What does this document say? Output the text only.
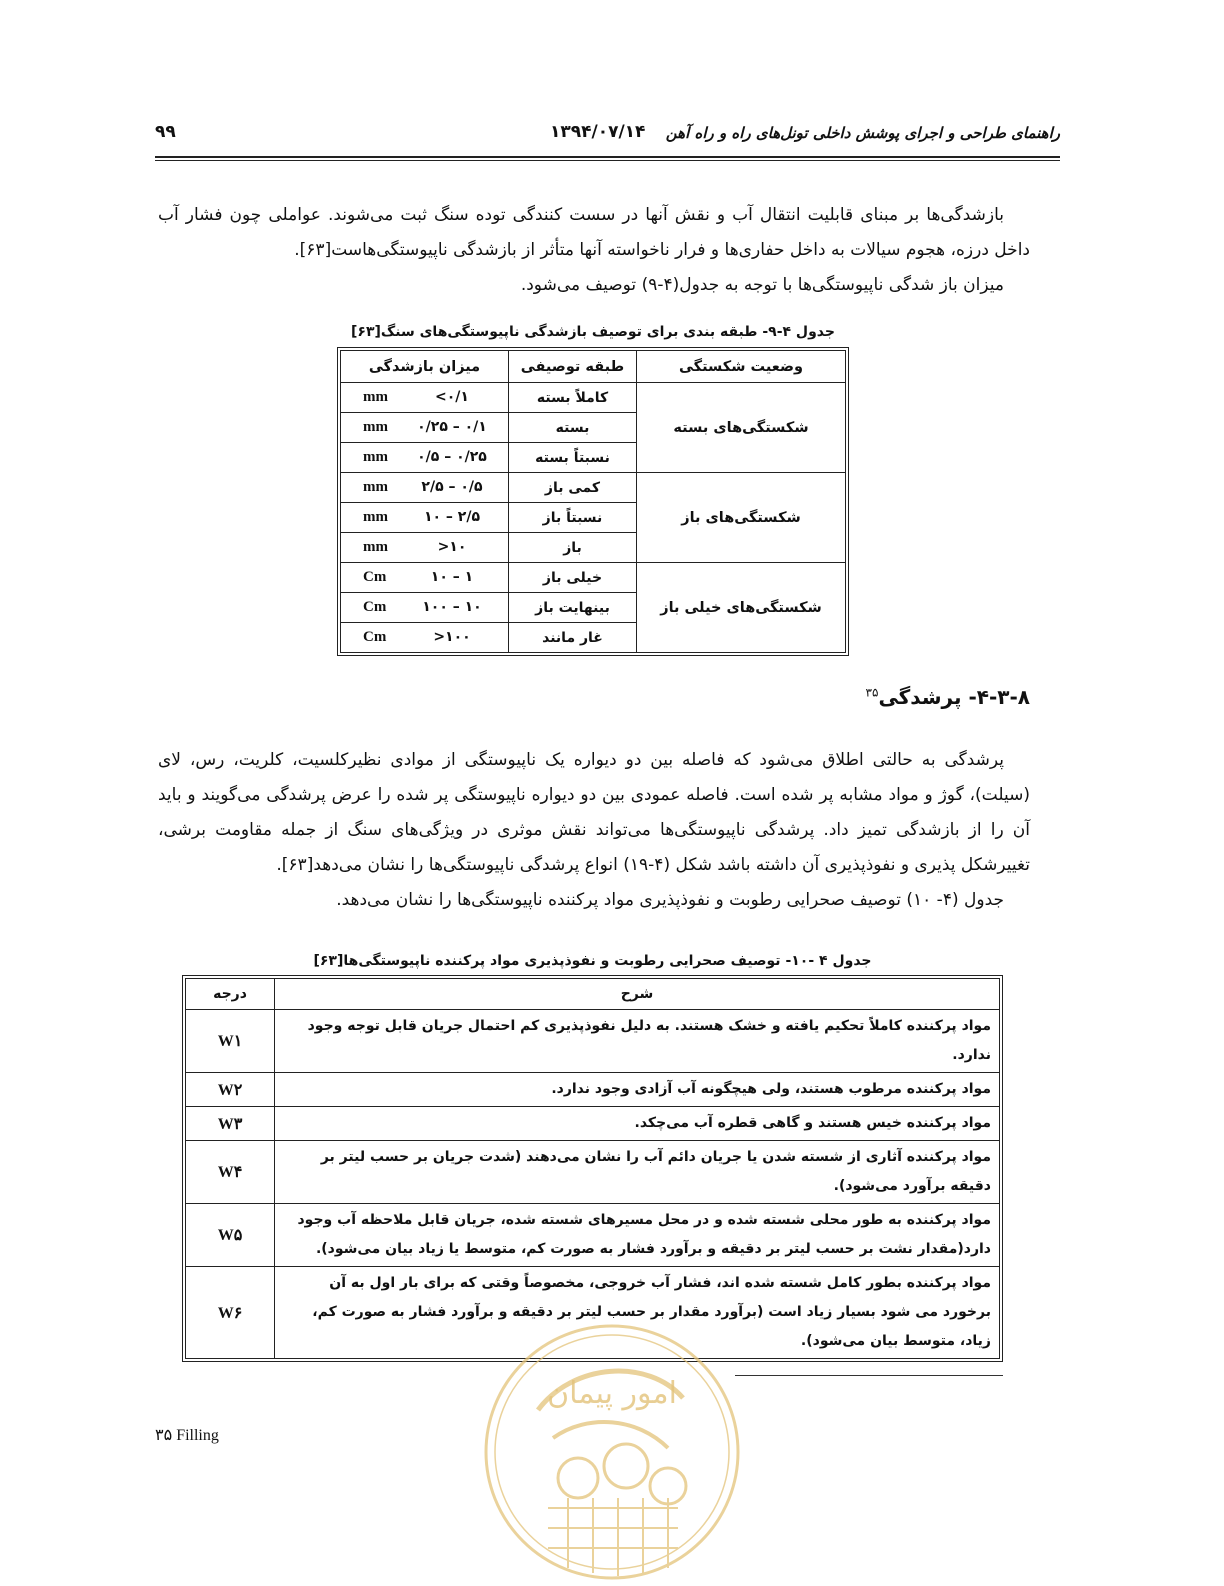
راهنمای طراحی و اجرای پوشش داخلی تونل‌های راه و راه آهن
۱۳۹۴/۰۷/۱۴
۹۹

بازشدگی‌ها بر مبنای قابلیت انتقال آب و نقش آنها در سست کنندگی توده سنگ ثبت می‌شوند. عواملی چون فشار آب داخل درزه، هجوم سیالات به داخل حفاری‌ها و فرار ناخواسته آنها متأثر از بازشدگی ناپیوستگی‌هاست[۶۳].

میزان باز شدگی ناپیوستگی‌ها با توجه به جدول(۴-۹) توصیف می‌شود.

جدول ۴-۹- طبقه بندی برای توصیف بازشدگی ناپیوستگی‌های سنگ[۶۳]
وضعیت شکستگی	طبقه توصیفی	میزان بازشدگی
شکستگی‌های بسته	کاملاً بسته	mm <۰/۱
	بسته	mm ۰/۲۵ – ۰/۱
	نسبتاً بسته	mm ۰/۵ – ۰/۲۵
شکستگی‌های باز	کمی باز	mm ۲/۵ – ۰/۵
	نسبتاً باز	mm ۱۰ – ۲/۵
	باز	mm >۱۰
شکستگی‌های خیلی باز	خیلی باز	Cm ۱۰ – ۱
	بینهایت باز	Cm ۱۰۰ – ۱۰
	غار مانند	Cm >۱۰۰
۴-۳-۸- پرشدگی$^{۳۵}$

پرشدگی به حالتی اطلاق می‌شود که فاصله بین دو دیواره یک ناپیوستگی از موادی نظیرکلسیت، کلریت، رس، لای (سیلت)، گوژ و مواد مشابه پر شده است. فاصله عمودی بین دو دیواره ناپیوستگی پر شده را عرض پرشدگی می‌گویند و باید آن را از بازشدگی تمیز داد. پرشدگی ناپیوستگی‌ها می‌تواند نقش موثری در ویژگی‌های سنگ از جمله مقاومت برشی، تغییرشکل پذیری و نفوذپذیری آن داشته باشد شکل (۴-۱۹) انواع پرشدگی ناپیوستگی‌ها را نشان می‌دهد[۶۳].

جدول (۴- ۱۰) توصیف صحرایی رطوبت و نفوذپذیری مواد پرکننده ناپیوستگی‌ها را نشان می‌دهد.

جدول ۴ -۱۰- توصیف صحرایی رطوبت و نفوذپذیری مواد پرکننده ناپیوستگی‌ها[۶۳]
شرح	درجه
مواد پرکننده کاملاً تحکیم یافته و خشک هستند. به دلیل نفوذپذیری کم احتمال جریان قابل توجه وجود ندارد.	W۱
مواد پرکننده مرطوب هستند، ولی هیچگونه آب آزادی وجود ندارد.	W۲
مواد پرکننده خیس هستند و گاهی قطره آب می‌چکد.	W۳
مواد پرکننده آثاری از شسته شدن یا جریان دائم آب را نشان می‌دهند (شدت جریان بر حسب لیتر بر دقیقه برآورد می‌شود).	W۴
مواد پرکننده به طور محلی شسته شده و در محل مسیرهای شسته شده، جریان قابل ملاحظه آب وجود دارد(مقدار نشت بر حسب لیتر بر دقیقه و برآورد فشار به صورت کم، متوسط یا زیاد بیان می‌شود).	W۵
مواد پرکننده بطور کامل شسته شده اند، فشار آب خروجی، مخصوصاً وقتی که برای بار اول به آن برخورد می شود بسیار زیاد است (برآورد مقدار بر حسب لیتر بر دقیقه و برآورد فشار به صورت کم، زیاد، متوسط بیان می‌شود).	W۶
۳۵ Filling
امور پیمان
